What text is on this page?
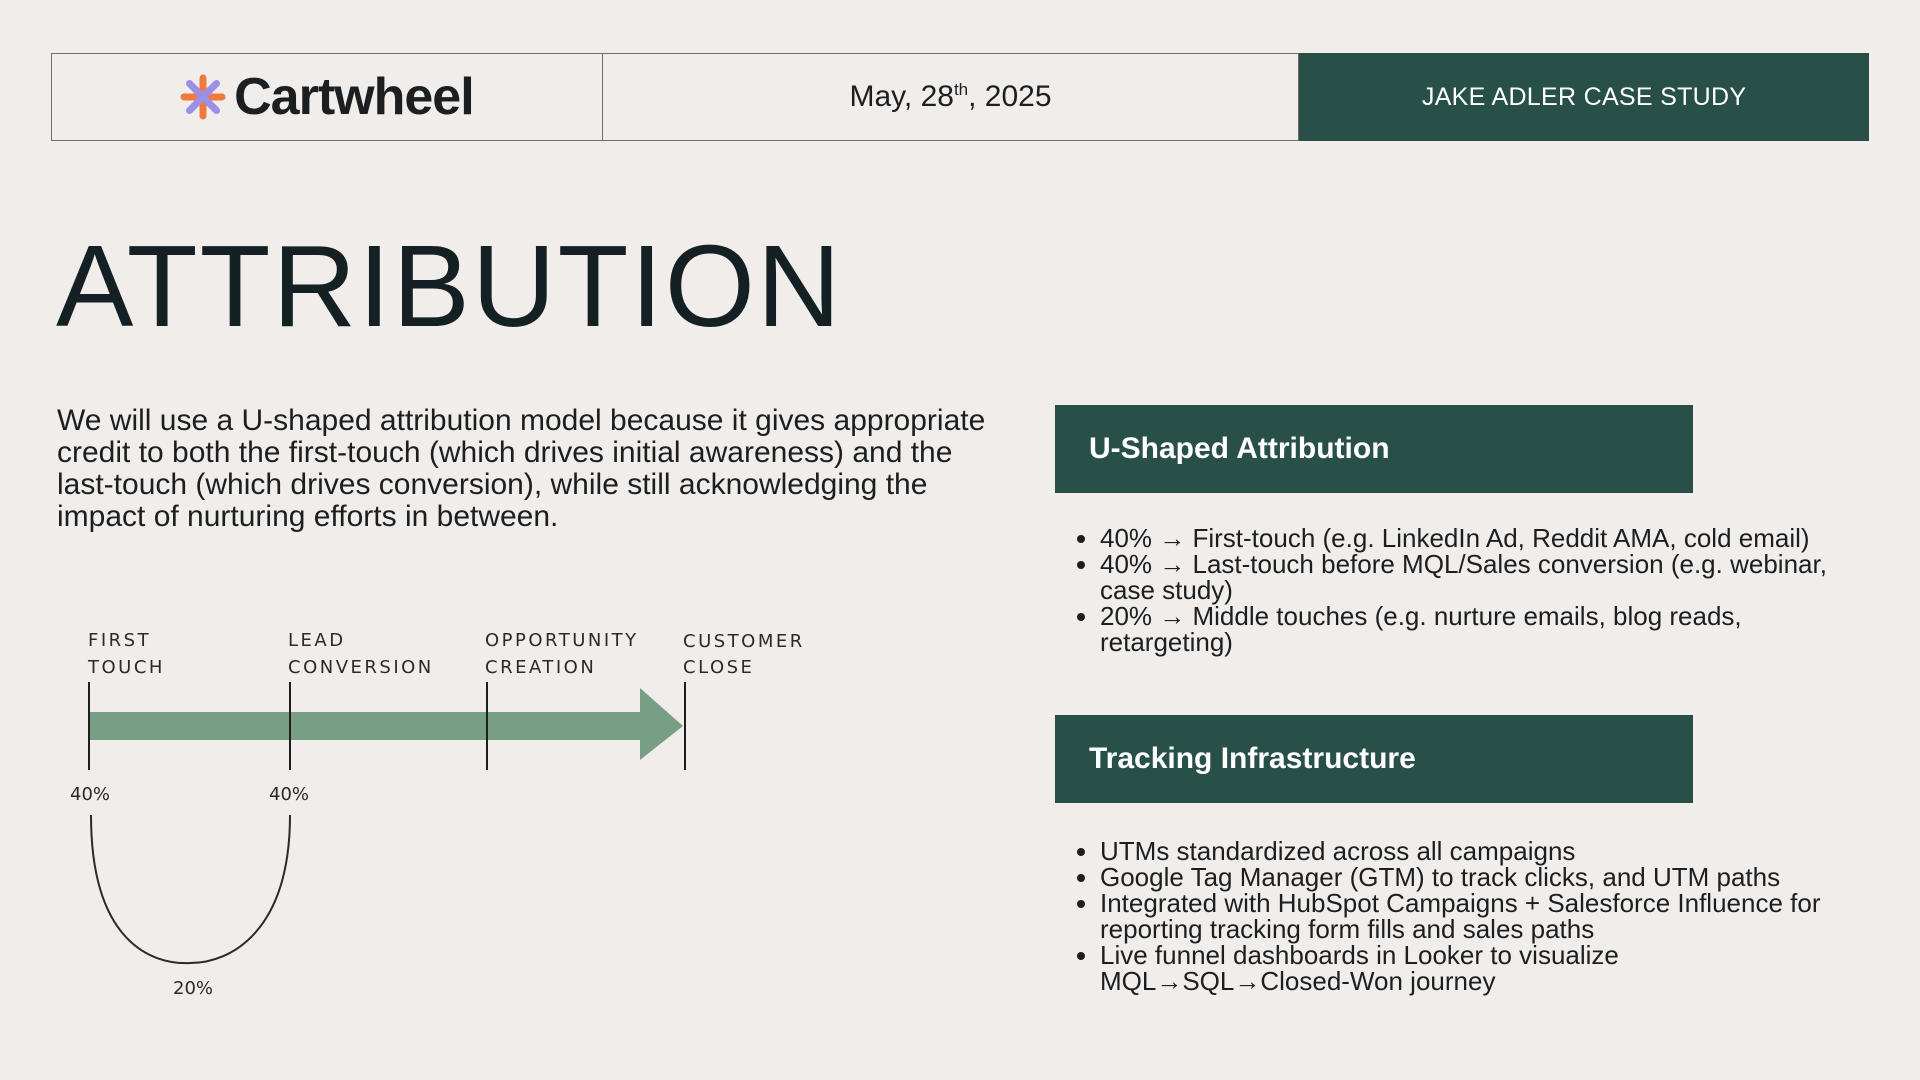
Cartwheel	May, 28th, 2025	JAKE ADLER CASE STUDY
ATTRIBUTION
We will use a U-shaped attribution model because it gives appropriate credit to both the first-touch (which drives initial awareness) and the last-touch (which drives conversion), while still acknowledging the impact of nurturing efforts in between.
FIRST
TOUCH
LEAD
CONVERSION
OPPORTUNITY
CREATION
CUSTOMER
CLOSE
40%	40%
20%
U-Shaped Attribution
• 40% → First-touch (e.g. LinkedIn Ad, Reddit AMA, cold email)
• 40% → Last-touch before MQL/Sales conversion (e.g. webinar, case study)
• 20% → Middle touches (e.g. nurture emails, blog reads, retargeting)
Tracking Infrastructure
• UTMs standardized across all campaigns
• Google Tag Manager (GTM) to track clicks, and UTM paths
• Integrated with HubSpot Campaigns + Salesforce Influence for reporting tracking form fills and sales paths
• Live funnel dashboards in Looker to visualize MQL→SQL→Closed-Won journey
